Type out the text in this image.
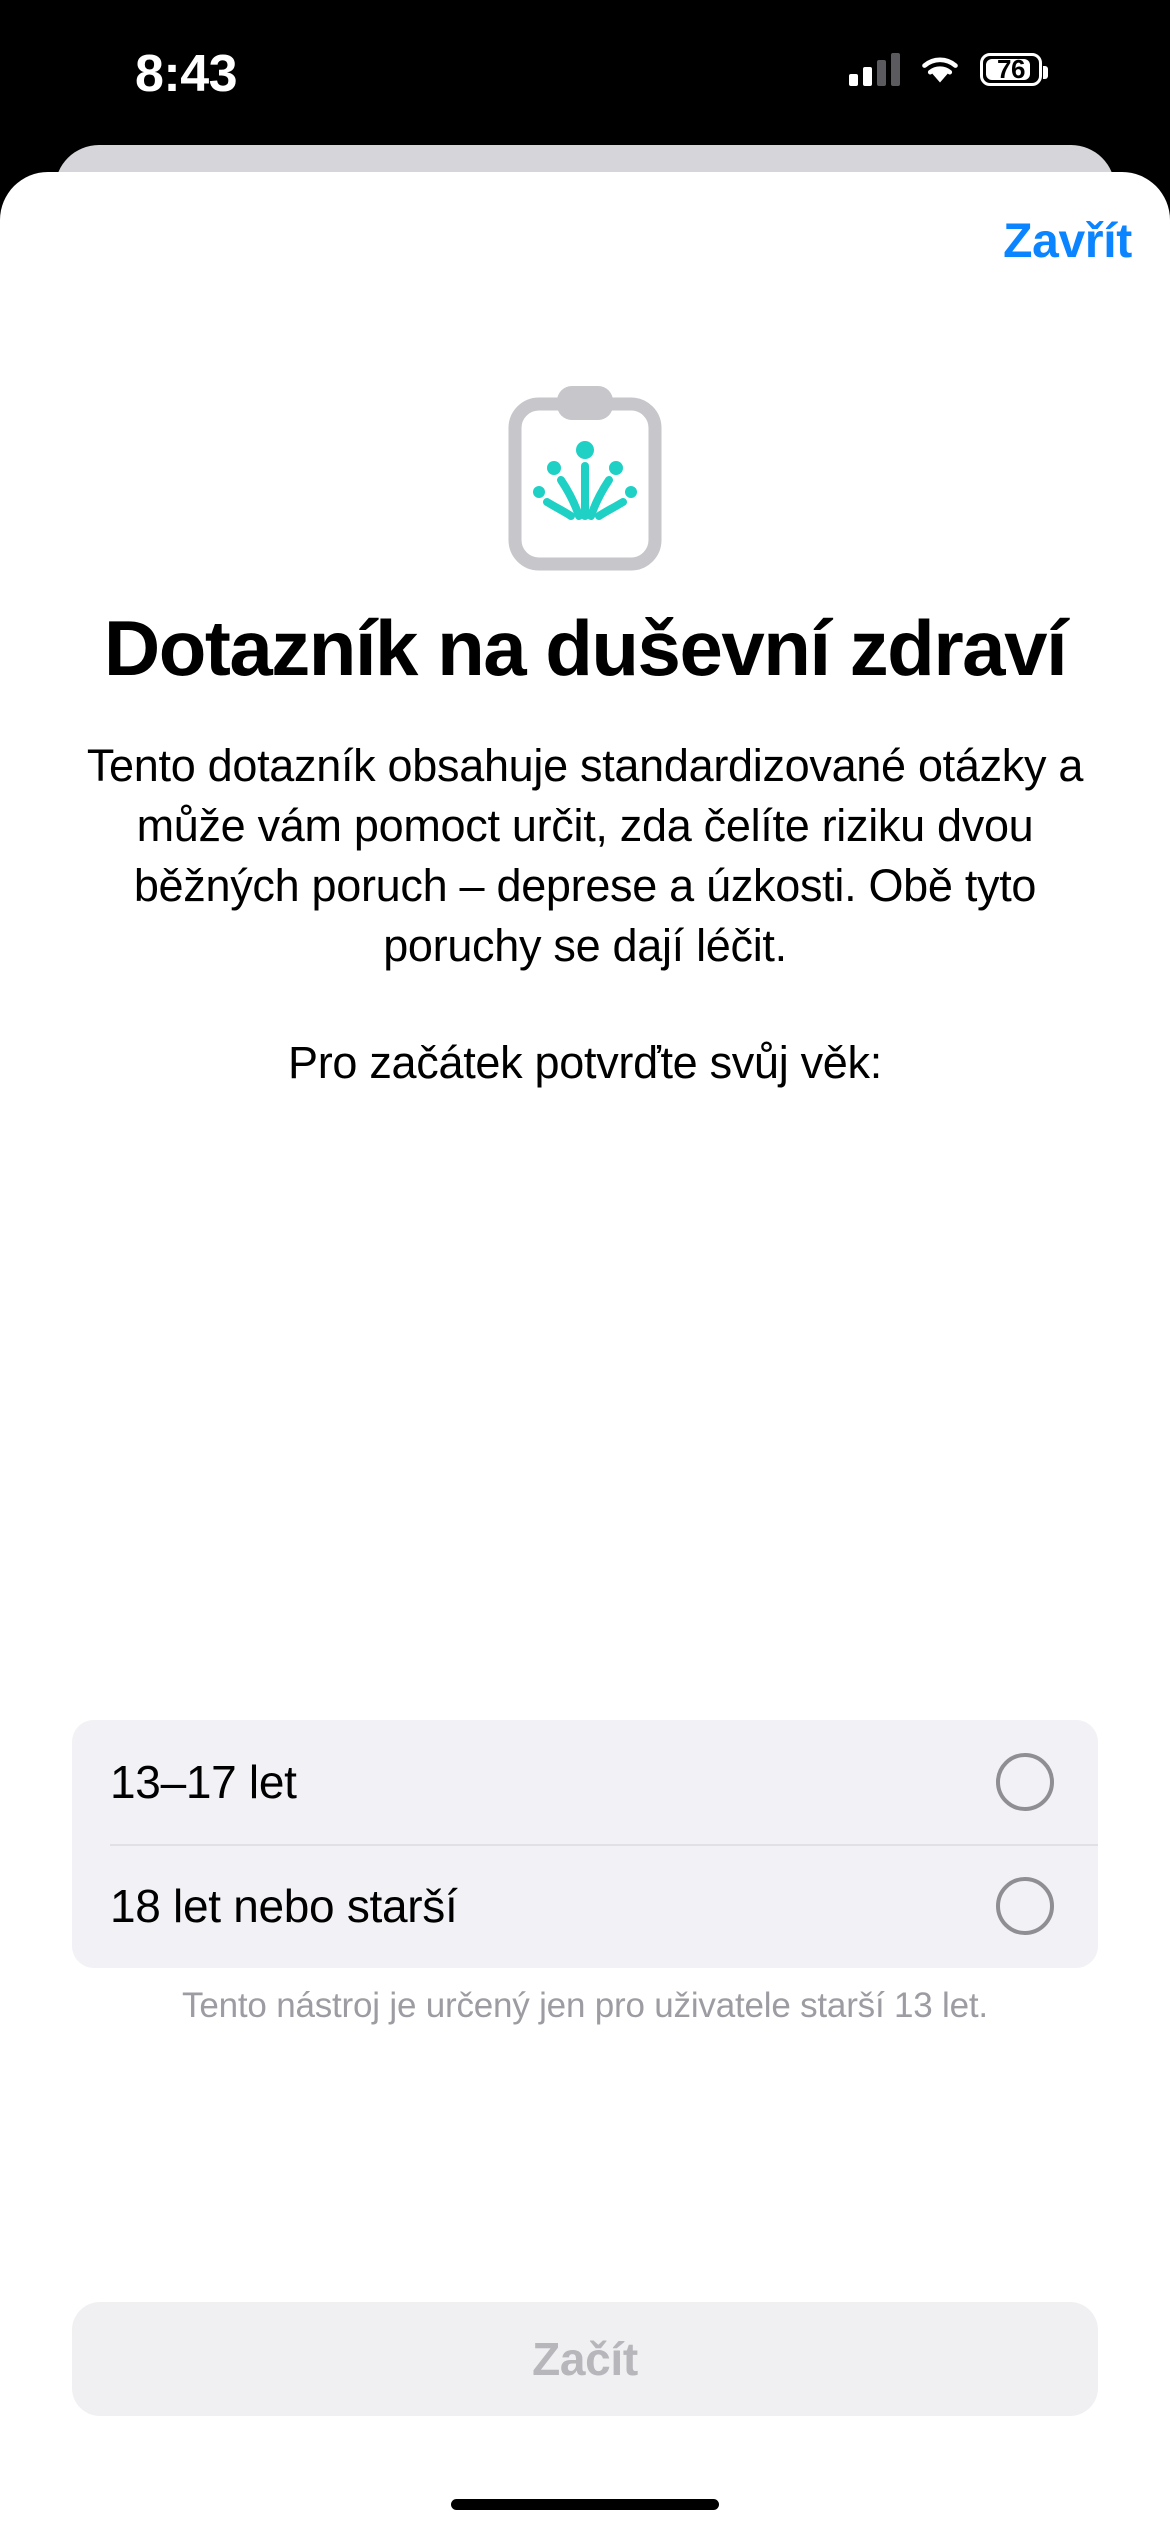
8:43	76
Zavřít
Dotazník na duševní zdraví

Tento dotazník obsahuje standardizované otázky a může vám pomoct určit, zda čelíte riziku dvou běžných poruch – deprese a úzkosti. Obě tyto poruchy se dají léčit.

Pro začátek potvrďte svůj věk:

13–17 let
18 let nebo starší
Tento nástroj je určený jen pro uživatele starší 13 let.
Začít
